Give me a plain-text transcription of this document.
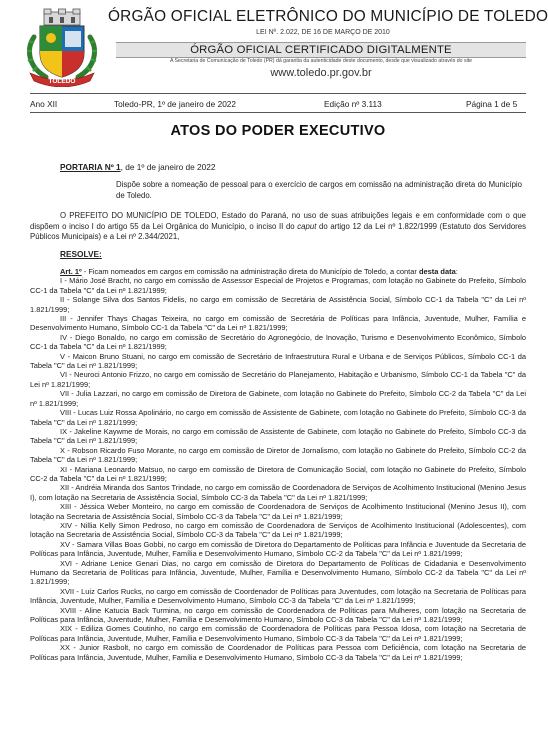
TOLEDO
ÓRGÃO OFICIAL ELETRÔNICO DO MUNICÍPIO DE TOLEDO
LEI Nº. 2.022, DE 16 DE MARÇO DE 2010
ÓRGÃO OFICIAL CERTIFICADO DIGITALMENTE
A Secretaria de Comunicação de Toledo (PR) dá garantia da autenticidade deste documento, desde que visualizado através do site
www.toledo.pr.gov.br
Ano XII	Toledo-PR, 1º de janeiro de 2022	Edição nº 3.113	Página 1 de 5
ATOS DO PODER EXECUTIVO
PORTARIA Nº 1, de 1º de janeiro de 2022
Dispõe sobre a nomeação de pessoal para o exercício de cargos em comissão na administração direta do Município de Toledo.
O PREFEITO DO MUNICÍPIO DE TOLEDO, Estado do Paraná, no uso de suas atribuições legais e em conformidade com o que dispõem o inciso I do artigo 55 da Lei Orgânica do Município, o inciso II do caput do artigo 12 da Lei nº 1.822/1999 (Estatuto dos Servidores Públicos Municipais) e a Lei nº 2.344/2021,
RESOLVE:

Art. 1º - Ficam nomeados em cargos em comissão na administração direta do Município de Toledo, a contar desta data:

I - Mário José Bracht, no cargo em comissão de Assessor Especial de Projetos e Programas, com lotação no Gabinete do Prefeito, Símbolo CC-1 da Tabela "C" da Lei nº 1.821/1999;

II - Solange Silva dos Santos Fidelis, no cargo em comissão de Secretária de Assistência Social, Símbolo CC-1 da Tabela "C" da Lei nº 1.821/1999;

III - Jennifer Thays Chagas Teixeira, no cargo em comissão de Secretária de Políticas para Infância, Juventude, Mulher, Família e Desenvolvimento Humano, Símbolo CC-1 da Tabela "C" da Lei nº 1.821/1999;

IV - Diego Bonaldo, no cargo em comissão de Secretário do Agronegócio, de Inovação, Turismo e Desenvolvimento Econômico, Símbolo CC-1 da Tabela "C" da Lei nº 1.821/1999;

V - Maicon Bruno Stuani, no cargo em comissão de Secretário de Infraestrutura Rural e Urbana e de Serviços Públicos, Símbolo CC-1 da Tabela "C" da Lei nº 1.821/1999;

VI - Neuroci Antonio Frizzo, no cargo em comissão de Secretário do Planejamento, Habitação e Urbanismo, Símbolo CC-1 da Tabela "C" da Lei nº 1.821/1999;

VII - Julia Lazzari, no cargo em comissão de Diretora de Gabinete, com lotação no Gabinete do Prefeito, Símbolo CC-2 da Tabela "C" da Lei nº 1.821/1999;

VIII - Lucas Luiz Rossa Apolinário, no cargo em comissão de Assistente de Gabinete, com lotação no Gabinete do Prefeito, Símbolo CC-3 da Tabela "C" da Lei nº 1.821/1999;

IX - Jakeline Kaywme de Morais, no cargo em comissão de Assistente de Gabinete, com lotação no Gabinete do Prefeito, Símbolo CC-3 da Tabela "C" da Lei nº 1.821/1999;

X - Robson Ricardo Fuso Morante, no cargo em comissão de Diretor de Jornalismo, com lotação no Gabinete do Prefeito, Símbolo CC-2 da Tabela "C" da Lei nº 1.821/1999;

XI - Mariana Leonardo Matsuo, no cargo em comissão de Diretora de Comunicação Social, com lotação no Gabinete do Prefeito, Símbolo CC-2 da Tabela "C" da Lei nº 1.821/1999;

XII - Andréia Miranda dos Santos Trindade, no cargo em comissão de Coordenadora de Serviços de Acolhimento Institucional (Menino Jesus I), com lotação na Secretaria de Assistência Social, Símbolo CC-3 da Tabela "C" da Lei nº 1.821/1999;

XIII - Jéssica Weber Monteiro, no cargo em comissão de Coordenadora de Serviços de Acolhimento Institucional (Menino Jesus II), com lotação na Secretaria de Assistência Social, Símbolo CC-3 da Tabela "C" da Lei nº 1.821/1999;

XIV - Nillia Kelly Simon Pedroso, no cargo em comissão de Coordenadora de Serviços de Acolhimento Institucional (Adolescentes), com lotação na Secretaria de Assistência Social, Símbolo CC-3 da Tabela "C" da Lei nº 1.821/1999;

XV - Samara Villas Boas Gobbi, no cargo em comissão de Diretora do Departamento de Políticas para Infância e Juventude da Secretaria de Políticas para Infância, Juventude, Mulher, Família e Desenvolvimento Humano, Símbolo CC-2 da Tabela "C" da Lei nº 1.821/1999;

XVI - Adriane Lenice Genari Dias, no cargo em comissão de Diretora do Departamento de Políticas de Cidadania e Desenvolvimento Humano da Secretaria de Políticas para Infância, Juventude, Mulher, Família e Desenvolvimento Humano, Símbolo CC-2 da Tabela "C" da Lei nº 1.821/1999;

XVII - Luiz Carlos Rucks, no cargo em comissão de Coordenador de Políticas para Juventudes, com lotação na Secretaria de Políticas para Infância, Juventude, Mulher, Família e Desenvolvimento Humano, Símbolo CC-3 da Tabela "C" da Lei nº 1.821/1999;

XVIII - Aline Katucia Back Turmina, no cargo em comissão de Coordenadora de Políticas para Mulheres, com lotação na Secretaria de Políticas para Infância, Juventude, Mulher, Família e Desenvolvimento Humano, Símbolo CC-3 da Tabela "C" da Lei nº 1.821/1999;

XIX - Ediliza Gomes Coutinho, no cargo em comissão de Coordenadora de Políticas para Pessoa Idosa, com lotação na Secretaria de Políticas para Infância, Juventude, Mulher, Família e Desenvolvimento Humano, Símbolo CC-3 da Tabela "C" da Lei nº 1.821/1999;

XX - Junior Rasbolt, no cargo em comissão de Coordenador de Políticas para Pessoa com Deficiência, com lotação na Secretaria de Políticas para Infância, Juventude, Mulher, Família e Desenvolvimento Humano, Símbolo CC-3 da Tabela "C" da Lei nº 1.821/1999;
